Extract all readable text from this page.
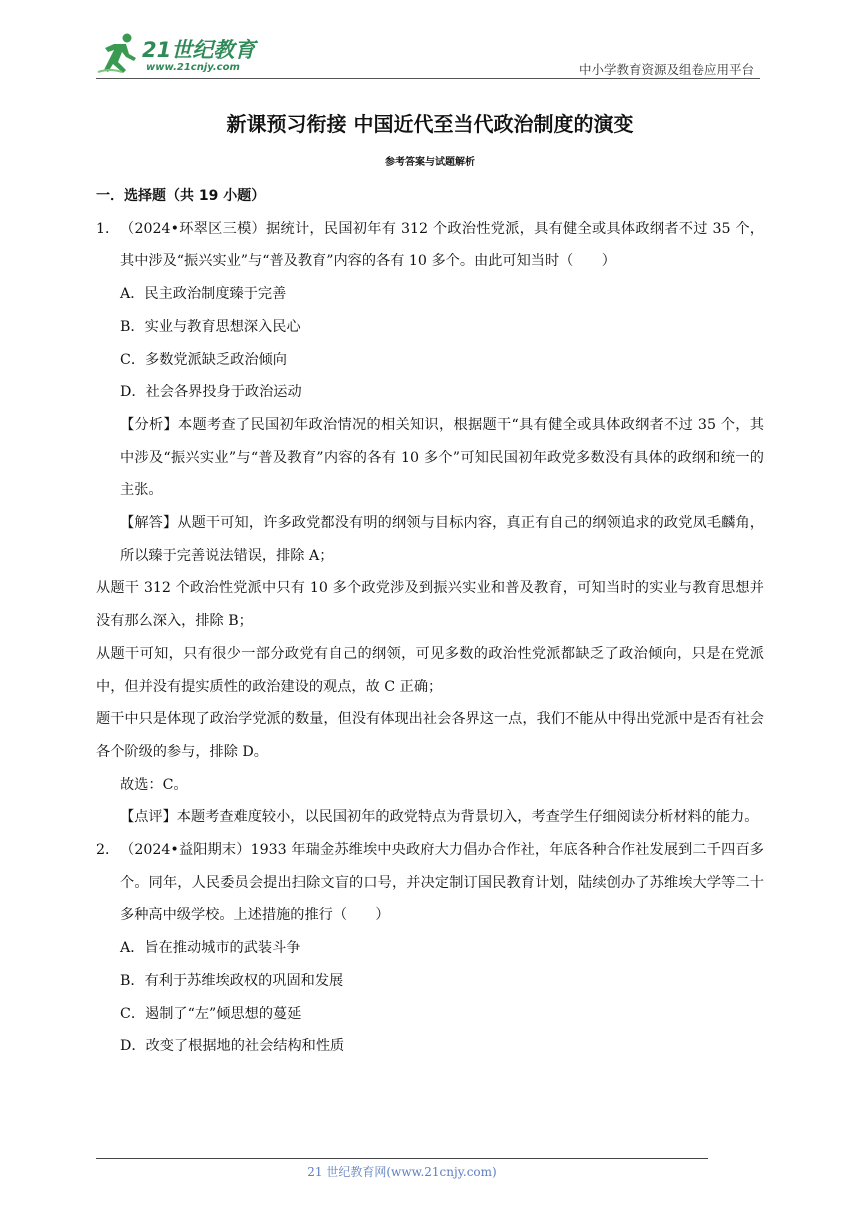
21世纪教育
www.21cnjy.com	中小学教育资源及组卷应用平台
新课预习衔接 中国近代至当代政治制度的演变
参考答案与试题解析

一．选择题（共 19 小题）

1． （2024•环翠区三模）据统计，民国初年有 312 个政治性党派，具有健全或具体政纲者不过 35 个，其中涉及“振兴实业”与“普及教育”内容的各有 10 多个。由此可知当时（　　）
A．民主政治制度臻于完善
B．实业与教育思想深入民心
C．多数党派缺乏政治倾向
D．社会各界投身于政治运动
【分析】本题考查了民国初年政治情况的相关知识，根据题干“具有健全或具体政纲者不过 35 个，其中涉及“振兴实业”与“普及教育”内容的各有 10 多个”可知民国初年政党多数没有具体的政纲和统一的主张。
【解答】从题干可知，许多政党都没有明的纲领与目标内容，真正有自己的纲领追求的政党凤毛麟角，所以臻于完善说法错误，排除 A；
从题干 312 个政治性党派中只有 10 多个政党涉及到振兴实业和普及教育，可知当时的实业与教育思想并没有那么深入，排除 B；
从题干可知，只有很少一部分政党有自己的纲领，可见多数的政治性党派都缺乏了政治倾向，只是在党派中，但并没有提实质性的政治建设的观点，故 C 正确；
题干中只是体现了政治学党派的数量，但没有体现出社会各界这一点，我们不能从中得出党派中是否有社会各个阶级的参与，排除 D。
故选：C。
【点评】本题考查难度较小，以民国初年的政党特点为背景切入，考查学生仔细阅读分析材料的能力。
2． （2024•益阳期末）1933 年瑞金苏维埃中央政府大力倡办合作社，年底各种合作社发展到二千四百多个。同年，人民委员会提出扫除文盲的口号，并决定制订国民教育计划，陆续创办了苏维埃大学等二十多种高中级学校。上述措施的推行（　　）
A．旨在推动城市的武装斗争
B．有利于苏维埃政权的巩固和发展
C．遏制了“左”倾思想的蔓延
D．改变了根据地的社会结构和性质
21 世纪教育网(www.21cnjy.com)
